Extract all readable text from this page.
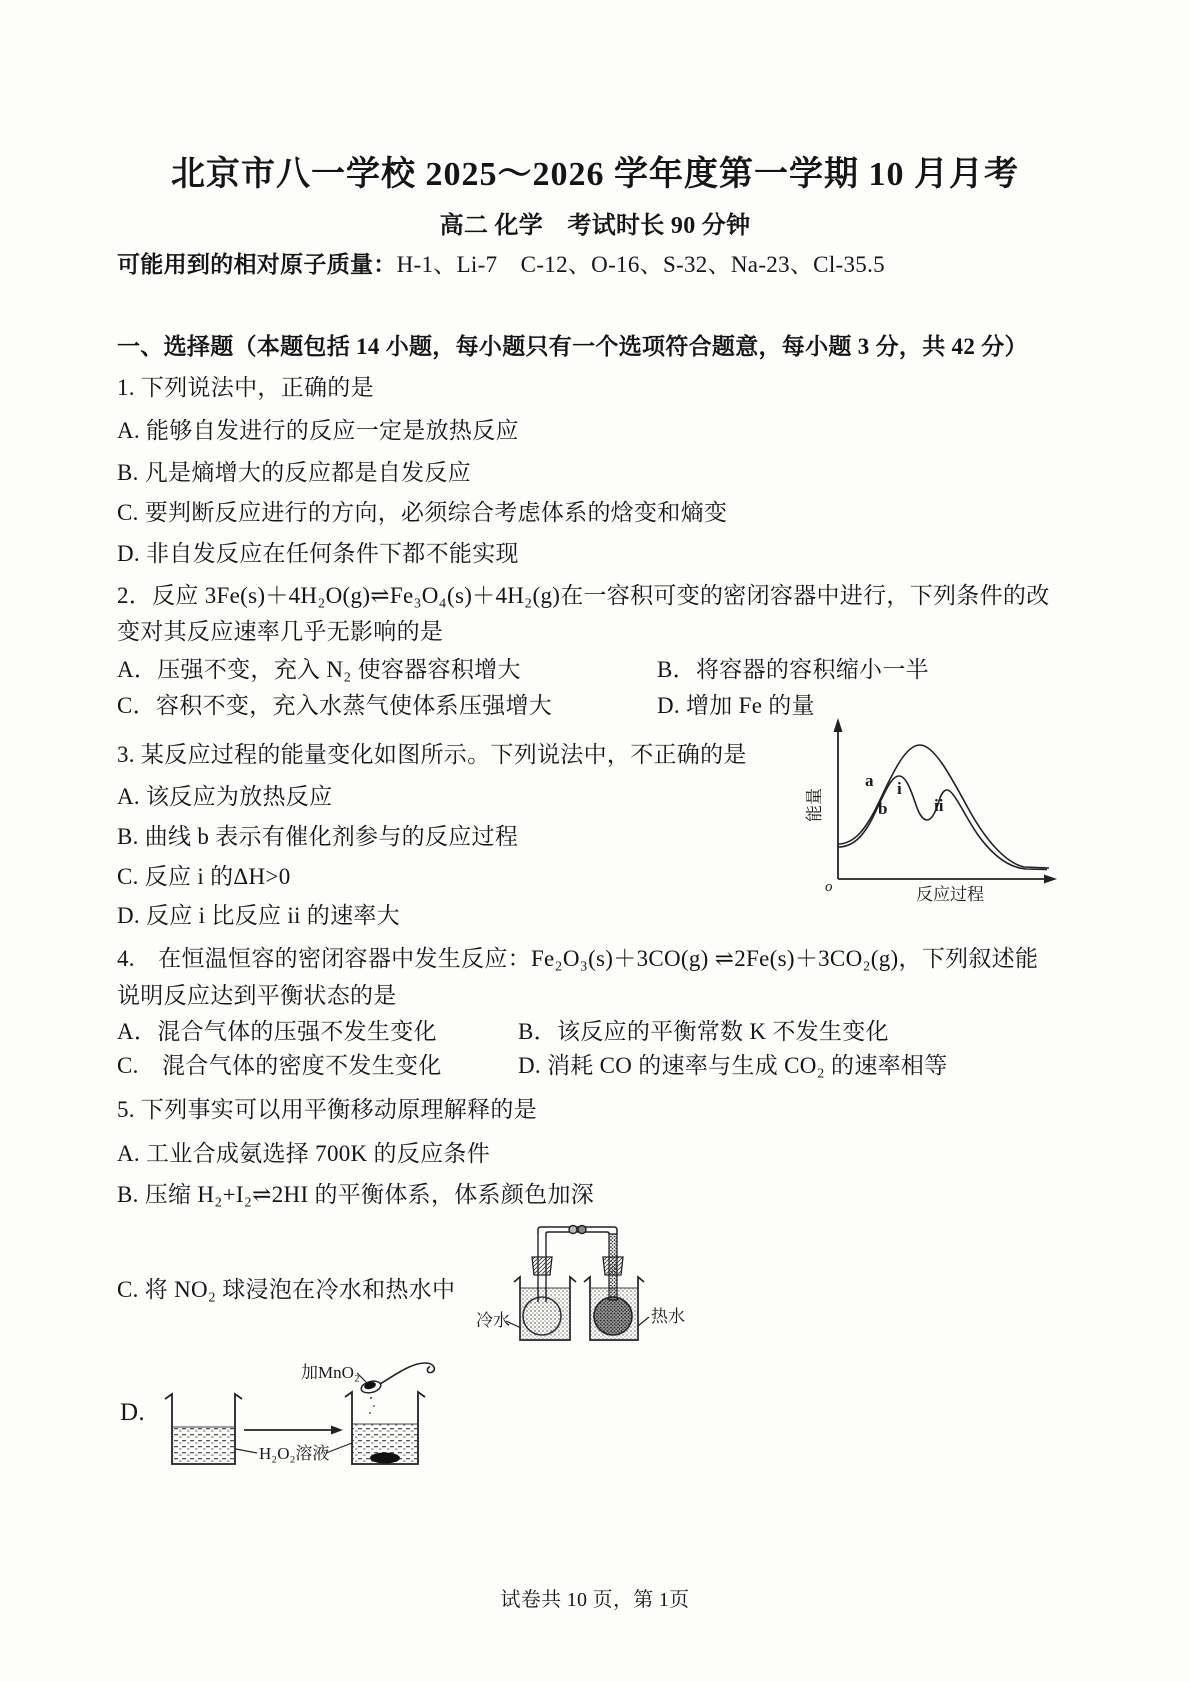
北京市八一学校 2025～2026 学年度第一学期 10 月月考
高二 化学　考试时长 90 分钟
可能用到的相对原子质量：H-1、Li-7　C-12、O-16、S-32、Na-23、Cl-35.5
一、选择题（本题包括 14 小题，每小题只有一个选项符合题意，每小题 3 分，共 42 分）
1. 下列说法中，正确的是
A. 能够自发进行的反应一定是放热反应
B. 凡是熵增大的反应都是自发反应
C. 要判断反应进行的方向，必须综合考虑体系的焓变和熵变
D. 非自发反应在任何条件下都不能实现
2．反应 3Fe(s)＋4H₂O(g)⇌Fe₃O₄(s)＋4H₂(g)在一容积可变的密闭容器中进行，下列条件的改
变对其反应速率几乎无影响的是
A．压强不变，充入 N₂ 使容器容积增大	B．将容器的容积缩小一半
C．容积不变，充入水蒸气使体系压强增大	D. 增加 Fe 的量
3. 某反应过程的能量变化如图所示。下列说法中，不正确的是
A. 该反应为放热反应
B. 曲线 b 表示有催化剂参与的反应过程
C. 反应 i 的ΔH>0
D. 反应 i 比反应 ii 的速率大
o
能量
反应过程
a
b
i
ii
4.　在恒温恒容的密闭容器中发生反应：Fe₂O₃(s)＋3CO(g) ⇌2Fe(s)＋3CO₂(g)，下列叙述能
说明反应达到平衡状态的是
A．混合气体的压强不发生变化	B．该反应的平衡常数 K 不发生变化
C.　混合气体的密度不发生变化	D. 消耗 CO 的速率与生成 CO₂ 的速率相等
5. 下列事实可以用平衡移动原理解释的是
A. 工业合成氨选择 700K 的反应条件
B. 压缩 H₂+I₂⇌2HI 的平衡体系，体系颜色加深
C. 将 NO₂ 球浸泡在冷水和热水中
D.
冷水	热水
加MnO₂
H₂O₂溶液
试卷共 10 页，第 1页
